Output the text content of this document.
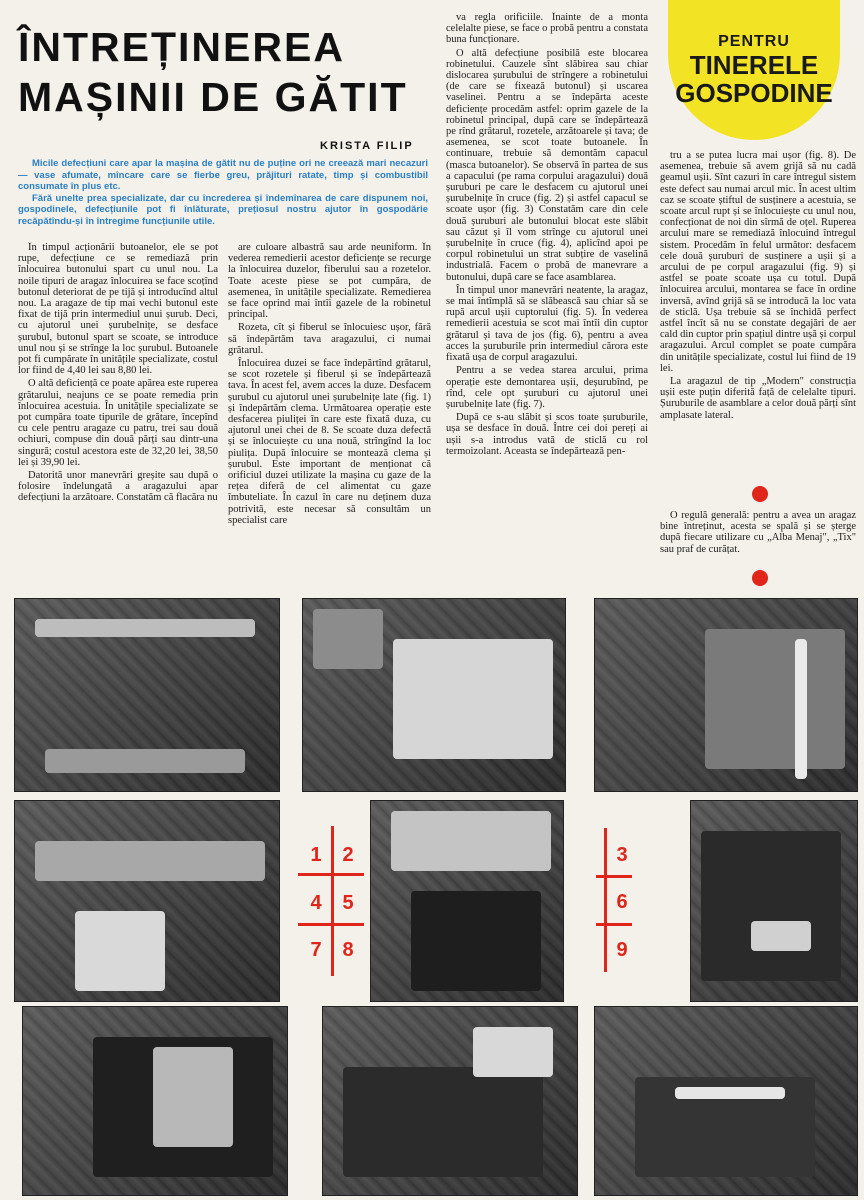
ÎNTREȚINEREA
MAȘINII DE GĂTIT
PENTRU
TINERELE
GOSPODINE
KRISTA FILIP

Micile defecțiuni care apar la mașina de gătit nu de puține ori ne creează mari necazuri — vase afumate, mîncare care se fierbe greu, prăjituri ratate, timp și combustibil consumate în plus etc.

Fără unelte prea specializate, dar cu încrederea și îndemînarea de care dispunem noi, gospodinele, defecțiunile pot fi înlăturate, prețiosul nostru ajutor în gospodărie recăpătîndu-și în întregime funcțiunile utile.

În timpul acționării butoanelor, ele se pot rupe, defecțiune ce se remediază prin înlocuirea butonului spart cu unul nou. La noile tipuri de aragaz înlocuirea se face scoțînd butonul deteriorat de pe tijă și introducînd altul nou. La aragaze de tip mai vechi butonul este fixat de tijă prin intermediul unui șurub. Deci, cu ajutorul unei șurubelnițe, se desface șurubul, butonul spart se scoate, se introduce unul nou și se strînge la loc șurubul. Butoanele pot fi cumpărate în unitățile specializate, costul lor fiind de 4,40 lei sau 8,80 lei.

O altă deficiență ce poate apărea este ruperea grătarului, neajuns ce se poate remedia prin înlocuirea acestuia. În unitățile specializate se pot cumpăra toate tipurile de grătare, începînd cu cele pentru aragaze cu patru, trei sau două ochiuri, compuse din două părți sau dintr-una singură; costul acestora este de 32,20 lei, 38,50 lei și 39,90 lei.

Datorită unor manevrări greșite sau după o folosire îndelungată a aragazului apar defecțiuni la arzătoare. Constatăm că flacăra nu

are culoare albastră sau arde neuniform. În vederea remedierii acestor deficiențe se recurge la înlocuirea duzelor, fiberului sau a rozetelor. Toate aceste piese se pot cumpăra, de asemenea, în unitățile specializate. Remedierea se face oprind mai întîi gazele de la robinetul principal.

Rozeta, cît și fiberul se înlocuiesc ușor, fără să îndepărtăm tava aragazului, ci numai grătarul.

Înlocuirea duzei se face îndepărtînd grătarul, se scot rozetele și fiberul și se îndepărtează tava. În acest fel, avem acces la duze. Desfacem șurubul cu ajutorul unei șurubelnițe late (fig. 1) și îndepărtăm clema. Următoarea operație este desfacerea piuliței în care este fixată duza, cu ajutorul unei chei de 8. Se scoate duza defectă și se înlocuiește cu una nouă, strîngînd la loc piulița. După înlocuire se montează clema și șurubul. Este important de menționat că orificiul duzei utilizate la mașina cu gaze de la rețea diferă de cel alimentat cu gaze îmbuteliate. În cazul în care nu deținem duza potrivită, este necesar să consultăm un specialist care

va regla orificiile. Înainte de a monta celelalte piese, se face o probă pentru a constata buna funcționare.

O altă defecțiune posibilă este blocarea robinetului. Cauzele sînt slăbirea sau chiar dislocarea șurubului de strîngere a robinetului (de care se fixează butonul) și uscarea vaselinei. Pentru a se îndepărta aceste deficiențe procedăm astfel: oprim gazele de la robinetul principal, după care se îndepărtează pe rînd grătarul, rozetele, arzătoarele și tava; de asemenea, se scot toate butoanele. În continuare, trebuie să demontăm capacul (masca butoanelor). Se observă în partea de sus a capacului (pe rama corpului aragazului) două șuruburi pe care le desfacem cu ajutorul unei șurubelnițe în cruce (fig. 2) și astfel capacul se scoate ușor (fig. 3) Constatăm care din cele două șuruburi ale butonului blocat este slăbit sau căzut și îl vom strînge cu ajutorul unei șurubelnițe în cruce (fig. 4), aplicînd apoi pe corpul robinetului un strat subțire de vaselină industrială. Facem o probă de manevrare a butonului, după care se face asamblarea.

În timpul unor manevrări neatente, la aragaz, se mai întîmplă să se slăbească sau chiar să se rupă arcul ușii cuptorului (fig. 5). În vederea remedierii acestuia se scot mai întîi din cuptor grătarul și tava de jos (fig. 6), pentru a avea acces la șuruburile prin intermediul cărora este fixată ușa de corpul aragazului.

Pentru a se vedea starea arcului, prima operație este demontarea ușii, deșurubînd, pe rînd, cele opt șuruburi cu ajutorul unei șurubelnițe late (fig. 7).

După ce s-au slăbit și scos toate șuruburile, ușa se desface în două. Între cei doi pereți ai ușii s-a introdus vată de sticlă cu rol termoizolant. Aceasta se îndepărtează pen-

tru a se putea lucra mai ușor (fig. 8). De asemenea, trebuie să avem grijă să nu cadă geamul ușii. Sînt cazuri în care întregul sistem este defect sau numai arcul mic. În acest ultim caz se scoate știftul de susținere a acestuia, se scoate arcul rupt și se înlocuiește cu unul nou, confecționat de noi din sîrmă de oțel. Ruperea arcului mare se remediază înlocuind întregul sistem. Procedăm în felul următor: desfacem cele două șuruburi de susținere a ușii și a arcului de pe corpul aragazului (fig. 9) și astfel se poate scoate ușa cu totul. După înlocuirea arcului, montarea se face în ordine inversă, avînd grijă să se introducă la loc vata de sticlă. Ușa trebuie să se închidă perfect astfel încît să nu se constate degajări de aer cald din cuptor prin spațiul dintre ușă și corpul aragazului. Arcul complet se poate cumpăra din unitățile specializate, costul lui fiind de 19 lei.

La aragazul de tip „Modern" construcția ușii este puțin diferită față de celelalte tipuri. Șuruburile de asamblare a celor două părți sînt amplasate lateral.

O regulă generală: pentru a avea un aragaz bine întreținut, acesta se spală și se șterge după fiecare utilizare cu „Alba Menaj", „Tix" sau praf de curățat.

1	2
4	5
7	8
3
6
9
